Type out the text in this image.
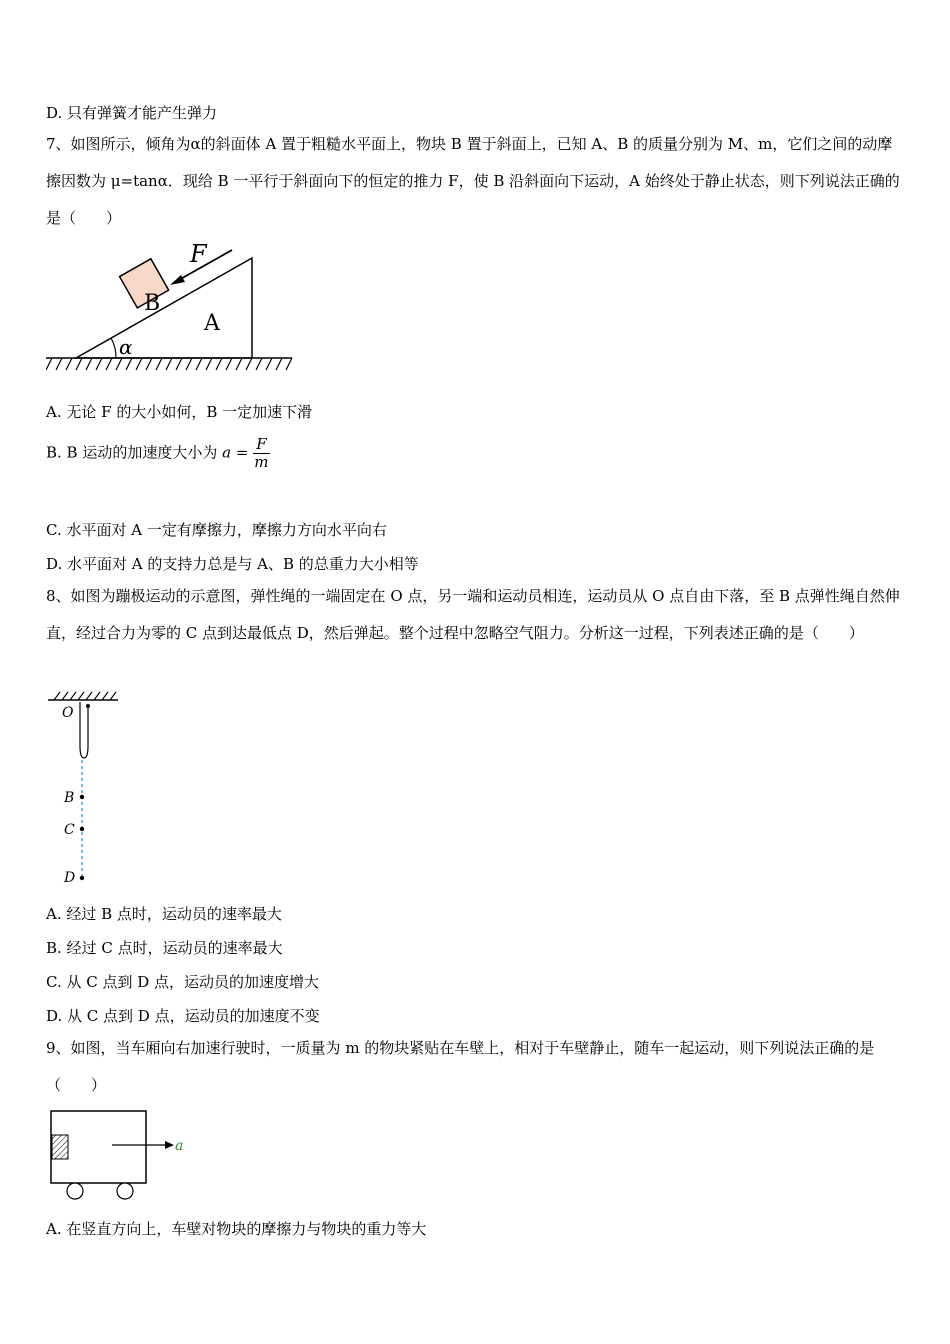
D. 只有弹簧才能产生弹力
7、如图所示，倾角为α的斜面体 A 置于粗糙水平面上，物块 B 置于斜面上，已知 A、B 的质量分别为 M、m，它们之间的动摩擦因数为 μ=tanα．现给 B 一平行于斜面向下的恒定的推力 F，使 B 沿斜面向下运动，A 始终处于静止状态，则下列说法正确的是（　　）
F
B
A
α
A. 无论 F 的大小如何，B 一定加速下滑
B. B 运动的加速度大小为 $a = \frac{F}{m}$
C. 水平面对 A 一定有摩擦力，摩擦力方向水平向右
D. 水平面对 A 的支持力总是与 A、B 的总重力大小相等
8、如图为蹦极运动的示意图，弹性绳的一端固定在 O 点，另一端和运动员相连，运动员从 O 点自由下落，至 B 点弹性绳自然伸直，经过合力为零的 C 点到达最低点 D，然后弹起。整个过程中忽略空气阻力。分析这一过程，下列表述正确的是（　　）
O
B
C
D
A. 经过 B 点时，运动员的速率最大
B. 经过 C 点时，运动员的速率最大
C. 从 C 点到 D 点，运动员的加速度增大
D. 从 C 点到 D 点，运动员的加速度不变
9、如图，当车厢向右加速行驶时，一质量为 m 的物块紧贴在车壁上，相对于车壁静止，随车一起运动，则下列说法正确的是（　　）
a
A. 在竖直方向上，车壁对物块的摩擦力与物块的重力等大
